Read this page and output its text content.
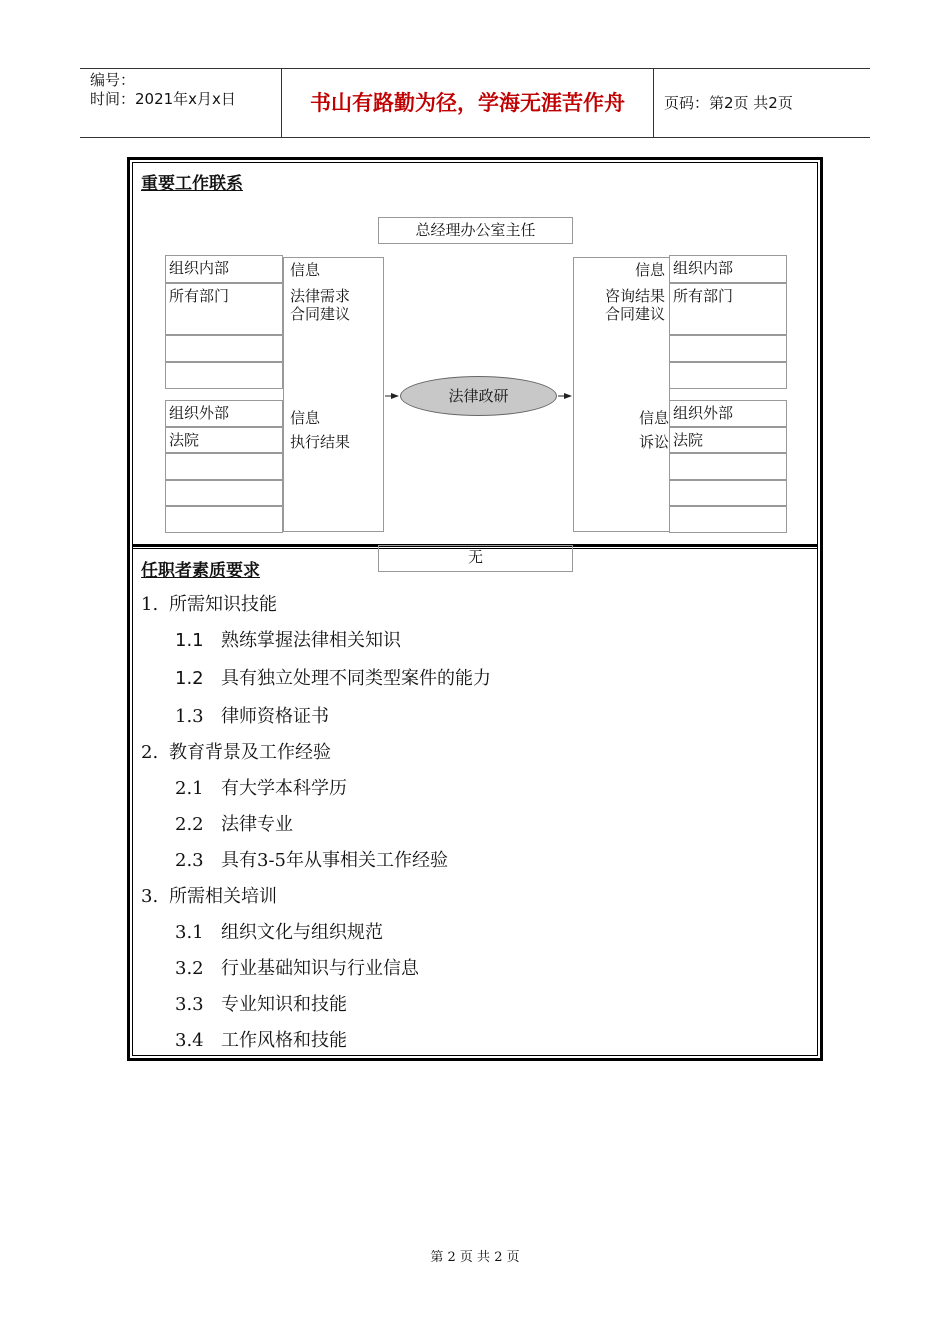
编号：
时间：2021年x月x日	书山有路勤为径，学海无涯苦作舟	页码：第2页 共2页
重要工作联系
总经理办公室主任
信息
法律需求
合同建议
信息
执行结果
组织内部
所有部门
组织外部
法院
信息
咨询结果
合同建议
信息
诉讼
组织内部
所有部门
组织外部
法院
法律政研
无
任职者素质要求
1. 所需知识技能
1.1 熟练掌握法律相关知识
1.2 具有独立处理不同类型案件的能力
1.3 律师资格证书
2. 教育背景及工作经验
2.1 有大学本科学历
2.2 法律专业
2.3 具有3-5年从事相关工作经验
3. 所需相关培训
3.1 组织文化与组织规范
3.2 行业基础知识与行业信息
3.3 专业知识和技能
3.4 工作风格和技能
第 2 页 共 2 页
